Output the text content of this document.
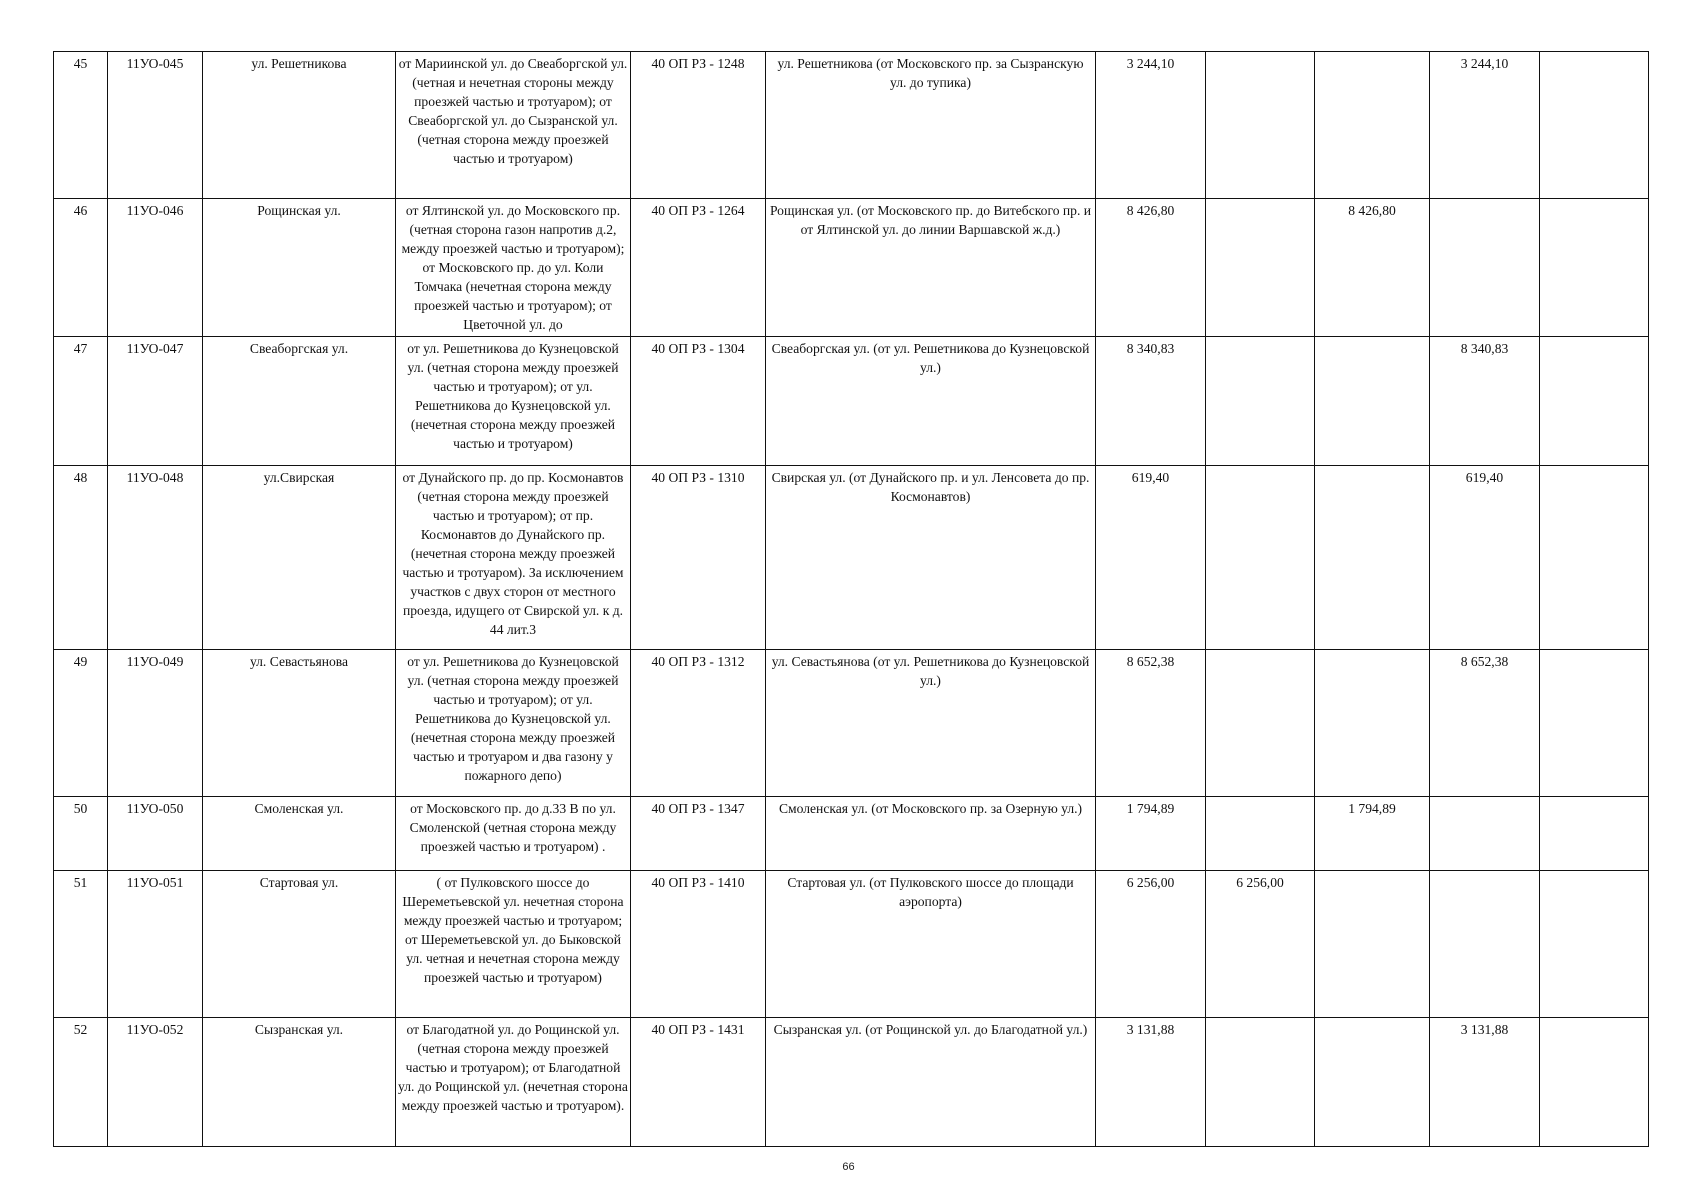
45	11УО-045	ул. Решетникова	от Мариинской ул. до Свеаборгской ул. (четная и нечетная стороны между проезжей частью и тротуаром); от Свеаборгской ул. до Сызранской ул. (четная сторона между проезжей частью и тротуаром)	40 ОП РЗ - 1248	ул. Решетникова (от Московского пр. за Сызранскую ул. до тупика)	3 244,10			3 244,10	
46	11УО-046	Рощинская ул.	от Ялтинской ул. до Московского пр. (четная сторона газон напротив д.2, между проезжей частью и тротуаром); от Московского пр. до ул. Коли Томчака (нечетная сторона между проезжей частью и тротуаром); от Цветочной ул. до	40 ОП РЗ - 1264	Рощинская ул. (от Московского пр. до Витебского пр. и от Ялтинской ул. до линии Варшавской ж.д.)	8 426,80		8 426,80		
47	11УО-047	Свеаборгская ул.	от ул. Решетникова до Кузнецовской ул. (четная сторона между проезжей частью и тротуаром); от ул. Решетникова до Кузнецовской ул. (нечетная сторона между проезжей частью и тротуаром)	40 ОП РЗ - 1304	Свеаборгская ул. (от ул. Решетникова до Кузнецовской ул.)	8 340,83			8 340,83	
48	11УО-048	ул.Свирская	от Дунайского пр. до пр. Космонавтов (четная сторона между проезжей частью и тротуаром); от пр. Космонавтов до Дунайского пр. (нечетная сторона между проезжей частью и тротуаром). За исключением участков с двух сторон от местного проезда, идущего от Свирской ул. к д. 44 лит.3	40 ОП РЗ - 1310	Свирская ул. (от Дунайского пр. и ул. Ленсовета до пр. Космонавтов)	619,40			619,40	
49	11УО-049	ул. Севастьянова	от ул. Решетникова до Кузнецовской ул. (четная сторона между проезжей частью и тротуаром); от ул. Решетникова до Кузнецовской ул. (нечетная сторона между проезжей частью и тротуаром и два газону у пожарного депо)	40 ОП РЗ - 1312	ул. Севастьянова (от ул. Решетникова до Кузнецовской ул.)	8 652,38			8 652,38	
50	11УО-050	Смоленская ул.	от Московского пр. до д.33 В по ул. Смоленской (четная сторона между проезжей частью и тротуаром) .	40 ОП РЗ - 1347	Смоленская ул. (от Московского пр. за Озерную ул.)	1 794,89		1 794,89		
51	11УО-051	Стартовая ул.	( от Пулковского шоссе до Шереметьевской ул. нечетная сторона между проезжей частью и тротуаром; от Шереметьевской ул. до Быковской ул. четная и нечетная сторона между проезжей частью и тротуаром)	40 ОП РЗ - 1410	Стартовая ул. (от Пулковского шоссе до площади аэропорта)	6 256,00	6 256,00			
52	11УО-052	Сызранская ул.	от Благодатной ул. до Рощинской ул. (четная сторона между проезжей частью и тротуаром); от Благодатной ул. до Рощинской ул. (нечетная сторона между проезжей частью и тротуаром).	40 ОП РЗ - 1431	Сызранская ул. (от Рощинской ул. до Благодатной ул.)	3 131,88			3 131,88	
66
